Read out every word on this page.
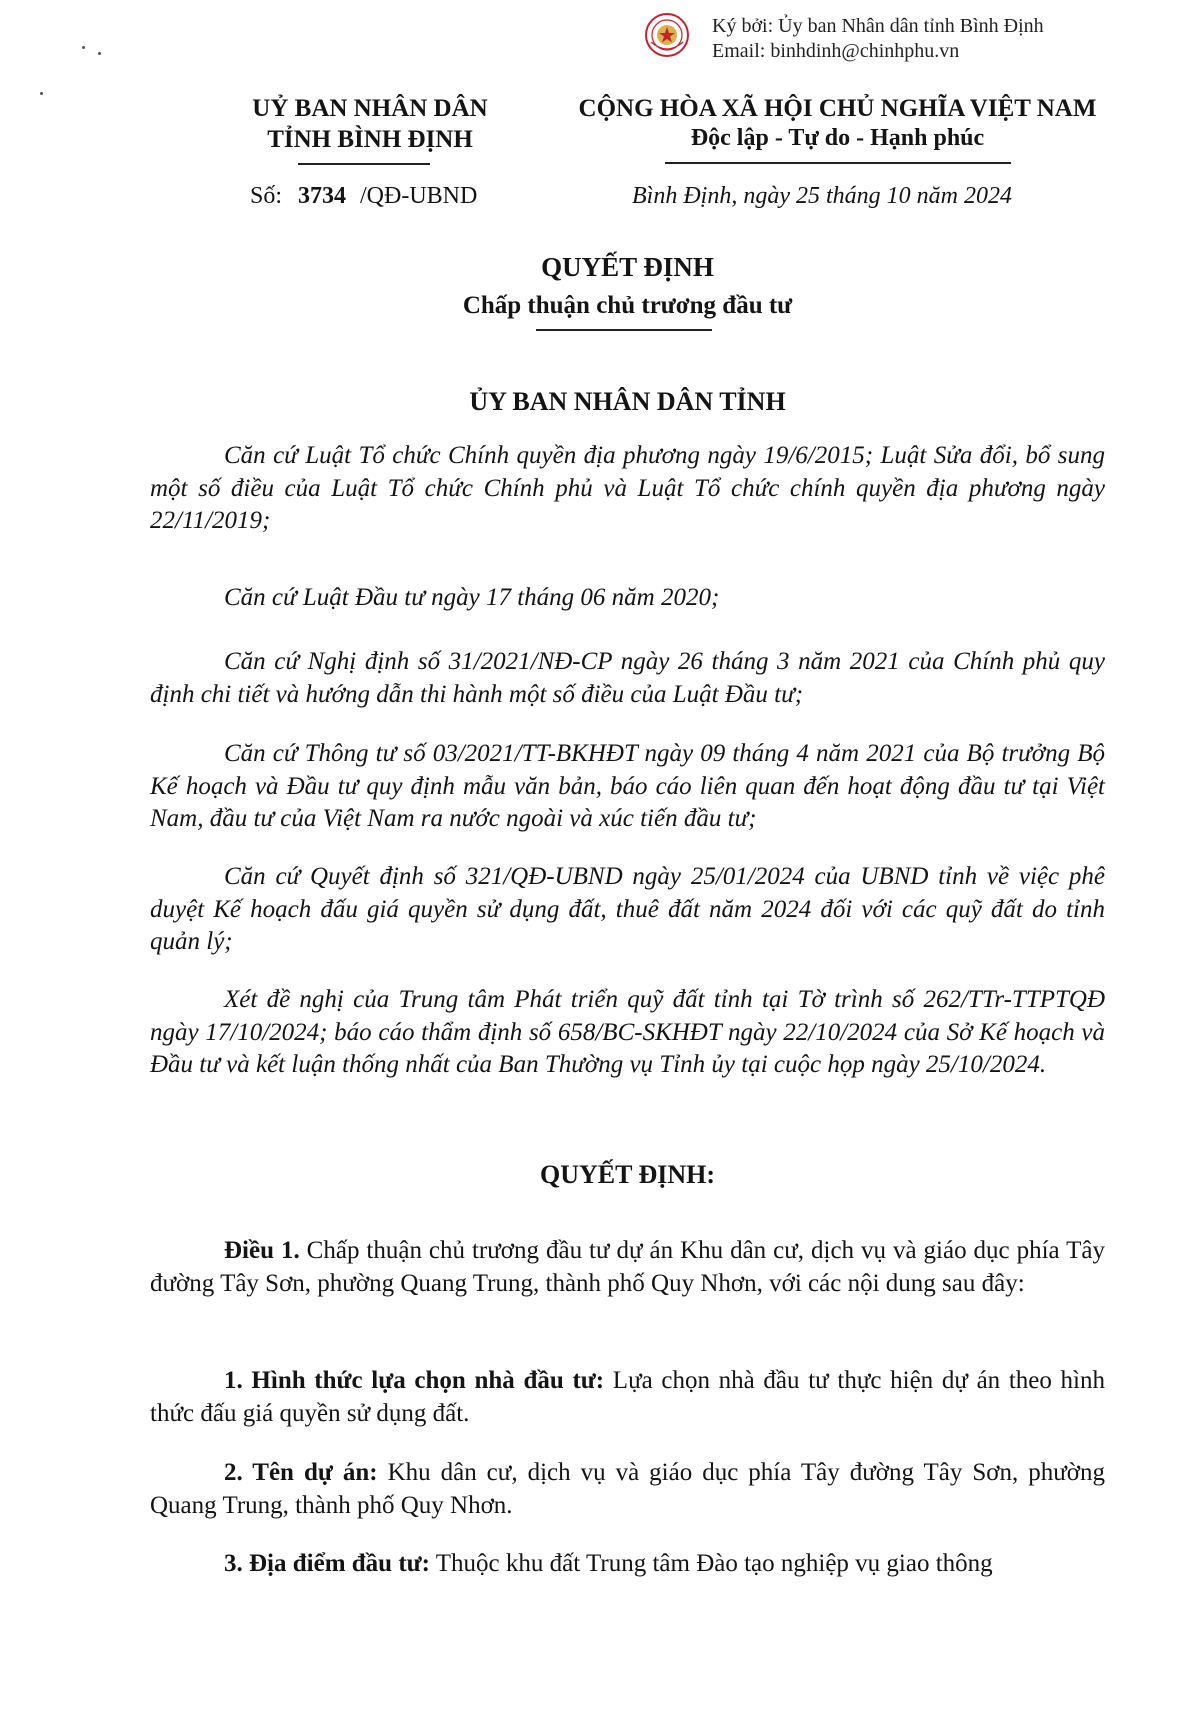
Ký bởi: Ủy ban Nhân dân tỉnh Bình Định
Email: binhdinh@chinhphu.vn
UỶ BAN NHÂN DÂN
TỈNH BÌNH ĐỊNH
Số: 3734 /QĐ-UBND
CỘNG HÒA XÃ HỘI CHỦ NGHĨA VIỆT NAM
Độc lập - Tự do - Hạnh phúc
Bình Định, ngày 25 tháng 10 năm 2024
QUYẾT ĐỊNH
Chấp thuận chủ trương đầu tư
ỦY BAN NHÂN DÂN TỈNH
Căn cứ Luật Tổ chức Chính quyền địa phương ngày 19/6/2015; Luật Sửa đổi, bổ sung một số điều của Luật Tổ chức Chính phủ và Luật Tổ chức chính quyền địa phương ngày 22/11/2019;
Căn cứ Luật Đầu tư ngày 17 tháng 06 năm 2020;
Căn cứ Nghị định số 31/2021/NĐ-CP ngày 26 tháng 3 năm 2021 của Chính phủ quy định chi tiết và hướng dẫn thi hành một số điều của Luật Đầu tư;
Căn cứ Thông tư số 03/2021/TT-BKHĐT ngày 09 tháng 4 năm 2021 của Bộ trưởng Bộ Kế hoạch và Đầu tư quy định mẫu văn bản, báo cáo liên quan đến hoạt động đầu tư tại Việt Nam, đầu tư của Việt Nam ra nước ngoài và xúc tiến đầu tư;
Căn cứ Quyết định số 321/QĐ-UBND ngày 25/01/2024 của UBND tỉnh về việc phê duyệt Kế hoạch đấu giá quyền sử dụng đất, thuê đất năm 2024 đối với các quỹ đất do tỉnh quản lý;
Xét đề nghị của Trung tâm Phát triển quỹ đất tỉnh tại Tờ trình số 262/TTr-TTPTQĐ ngày 17/10/2024; báo cáo thẩm định số 658/BC-SKHĐT ngày 22/10/2024 của Sở Kế hoạch và Đầu tư và kết luận thống nhất của Ban Thường vụ Tỉnh ủy tại cuộc họp ngày 25/10/2024.
QUYẾT ĐỊNH:
Điều 1. Chấp thuận chủ trương đầu tư dự án Khu dân cư, dịch vụ và giáo dục phía Tây đường Tây Sơn, phường Quang Trung, thành phố Quy Nhơn, với các nội dung sau đây:
1. Hình thức lựa chọn nhà đầu tư: Lựa chọn nhà đầu tư thực hiện dự án theo hình thức đấu giá quyền sử dụng đất.
2. Tên dự án: Khu dân cư, dịch vụ và giáo dục phía Tây đường Tây Sơn, phường Quang Trung, thành phố Quy Nhơn.
3. Địa điểm đầu tư: Thuộc khu đất Trung tâm Đào tạo nghiệp vụ giao thông
